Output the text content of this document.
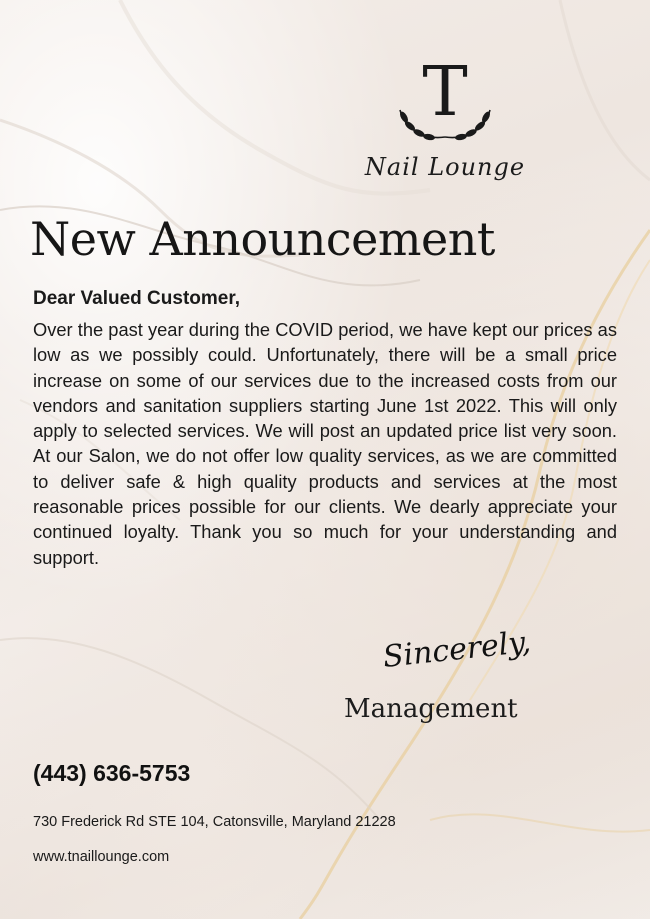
T
Nail Lounge
New Announcement
Dear Valued Customer,

Over the past year during the COVID period, we have kept our prices as low as we possibly could. Unfortunately, there will be a small price increase on some of our services due to the increased costs from our vendors and sanitation suppliers starting June 1st 2022. This will only apply to selected services. We will post an updated price list very soon. At our Salon, we do not offer low quality services, as we are committed to deliver safe & high quality products and services at the most reasonable prices possible for our clients. We dearly appreciate your continued loyalty. Thank you so much for your understanding and support.

Sincerely,
Management
(443) 636-5753
730 Frederick Rd STE 104, Catonsville, Maryland 21228
www.tnaillounge.com
